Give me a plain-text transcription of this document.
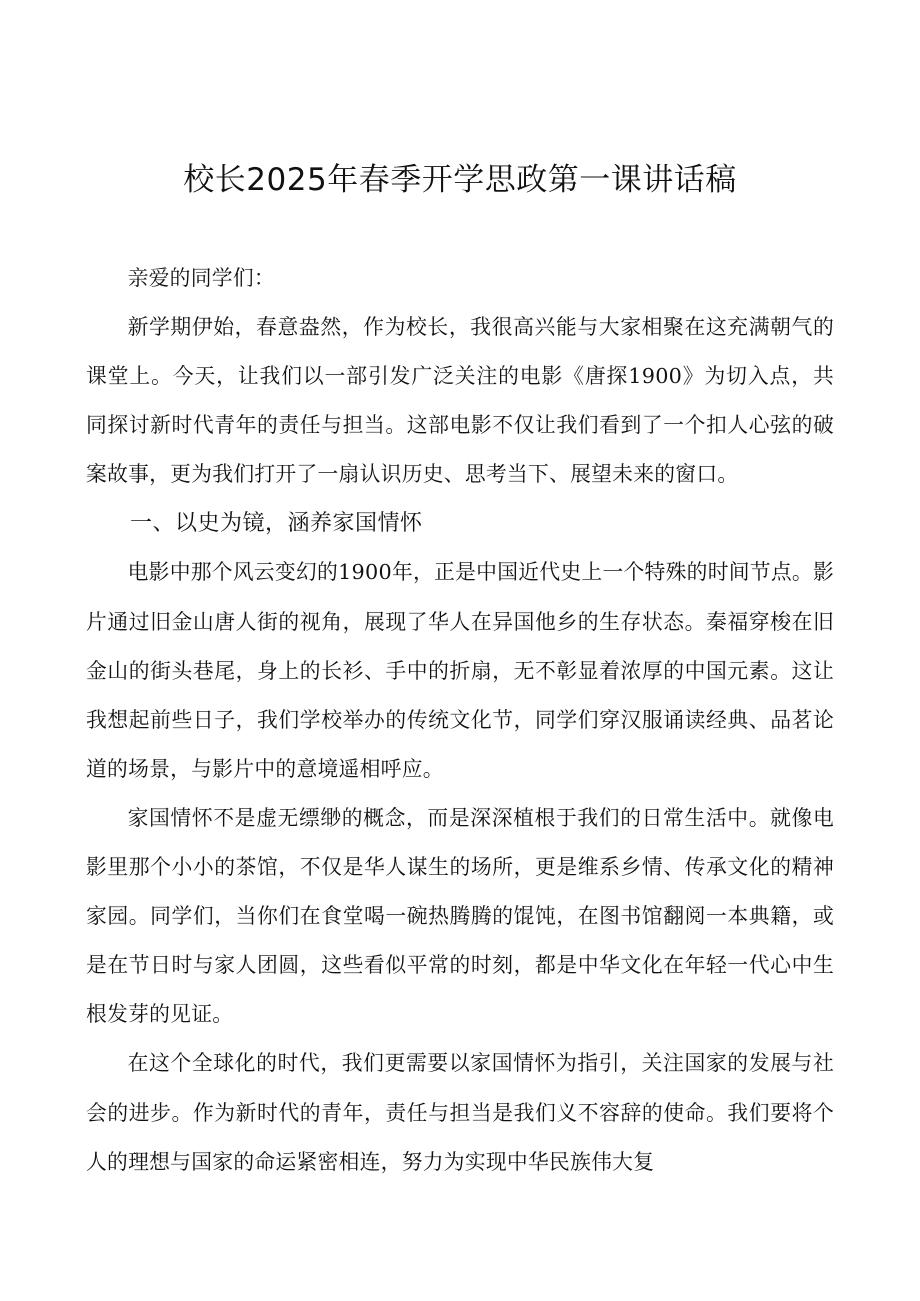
校长2025年春季开学思政第一课讲话稿

亲爱的同学们：

新学期伊始，春意盎然，作为校长，我很高兴能与大家相聚在这充满朝气的课堂上。今天，让我们以一部引发广泛关注的电影《唐探1900》为切入点，共同探讨新时代青年的责任与担当。这部电影不仅让我们看到了一个扣人心弦的破案故事，更为我们打开了一扇认识历史、思考当下、展望未来的窗口。

一、以史为镜，涵养家国情怀

电影中那个风云变幻的1900年，正是中国近代史上一个特殊的时间节点。影片通过旧金山唐人街的视角，展现了华人在异国他乡的生存状态。秦福穿梭在旧金山的街头巷尾，身上的长衫、手中的折扇，无不彰显着浓厚的中国元素。这让我想起前些日子，我们学校举办的传统文化节，同学们穿汉服诵读经典、品茗论道的场景，与影片中的意境遥相呼应。

家国情怀不是虚无缥缈的概念，而是深深植根于我们的日常生活中。就像电影里那个小小的茶馆，不仅是华人谋生的场所，更是维系乡情、传承文化的精神家园。同学们，当你们在食堂喝一碗热腾腾的馄饨，在图书馆翻阅一本典籍，或是在节日时与家人团圆，这些看似平常的时刻，都是中华文化在年轻一代心中生根发芽的见证。

在这个全球化的时代，我们更需要以家国情怀为指引，关注国家的发展与社会的进步。作为新时代的青年，责任与担当是我们义不容辞的使命。我们要将个人的理想与国家的命运紧密相连，努力为实现中华民族伟大复
